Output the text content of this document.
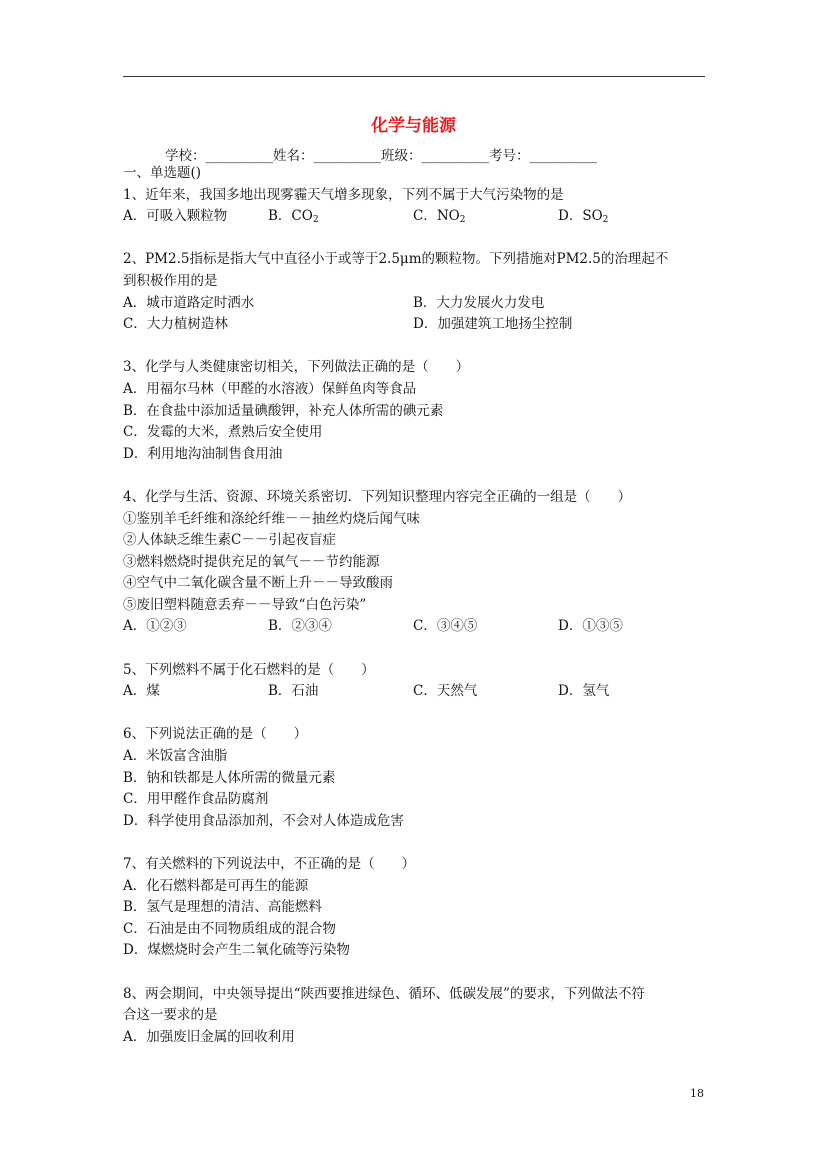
化学与能源
学校：__________姓名：__________班级：__________考号：__________
一、单选题()
1、近年来，我国多地出现雾霾天气增多现象，下列不属于大气污染物的是
A．可吸入颗粒物	B．$CO_2$	C．$NO_2$	D．$SO_2$
2、PM2.5指标是指大气中直径小于或等于2.5μm的颗粒物。下列措施对PM2.5的治理起不
到积极作用的是
A．城市道路定时洒水	B．大力发展火力发电
C．大力植树造林	D．加强建筑工地扬尘控制
3、化学与人类健康密切相关，下列做法正确的是（　　）
A．用福尔马林（甲醛的水溶液）保鲜鱼肉等食品
B．在食盐中添加适量碘酸钾，补充人体所需的碘元素
C．发霉的大米，煮熟后安全使用
D．利用地沟油制售食用油
4、化学与生活、资源、环境关系密切．下列知识整理内容完全正确的一组是（　　）
①鉴别羊毛纤维和涤纶纤维－－抽丝灼烧后闻气味
②人体缺乏维生素C－－引起夜盲症
③燃料燃烧时提供充足的氧气－－节约能源
④空气中二氧化碳含量不断上升－－导致酸雨
⑤废旧塑料随意丢弃－－导致“白色污染”
A．①②③	B．②③④	C．③④⑤	D．①③⑤
5、下列燃料不属于化石燃料的是（　　）
A．煤	B．石油	C．天然气	D．氢气
6、下列说法正确的是（　　）
A．米饭富含油脂
B．钠和铁都是人体所需的微量元素
C．用甲醛作食品防腐剂
D．科学使用食品添加剂，不会对人体造成危害
7、有关燃料的下列说法中，不正确的是（　　）
A．化石燃料都是可再生的能源
B．氢气是理想的清洁、高能燃料
C．石油是由不同物质组成的混合物
D．煤燃烧时会产生二氧化硫等污染物
8、两会期间，中央领导提出“陕西要推进绿色、循环、低碳发展”的要求，下列做法不符
合这一要求的是
A．加强废旧金属的回收利用
18
